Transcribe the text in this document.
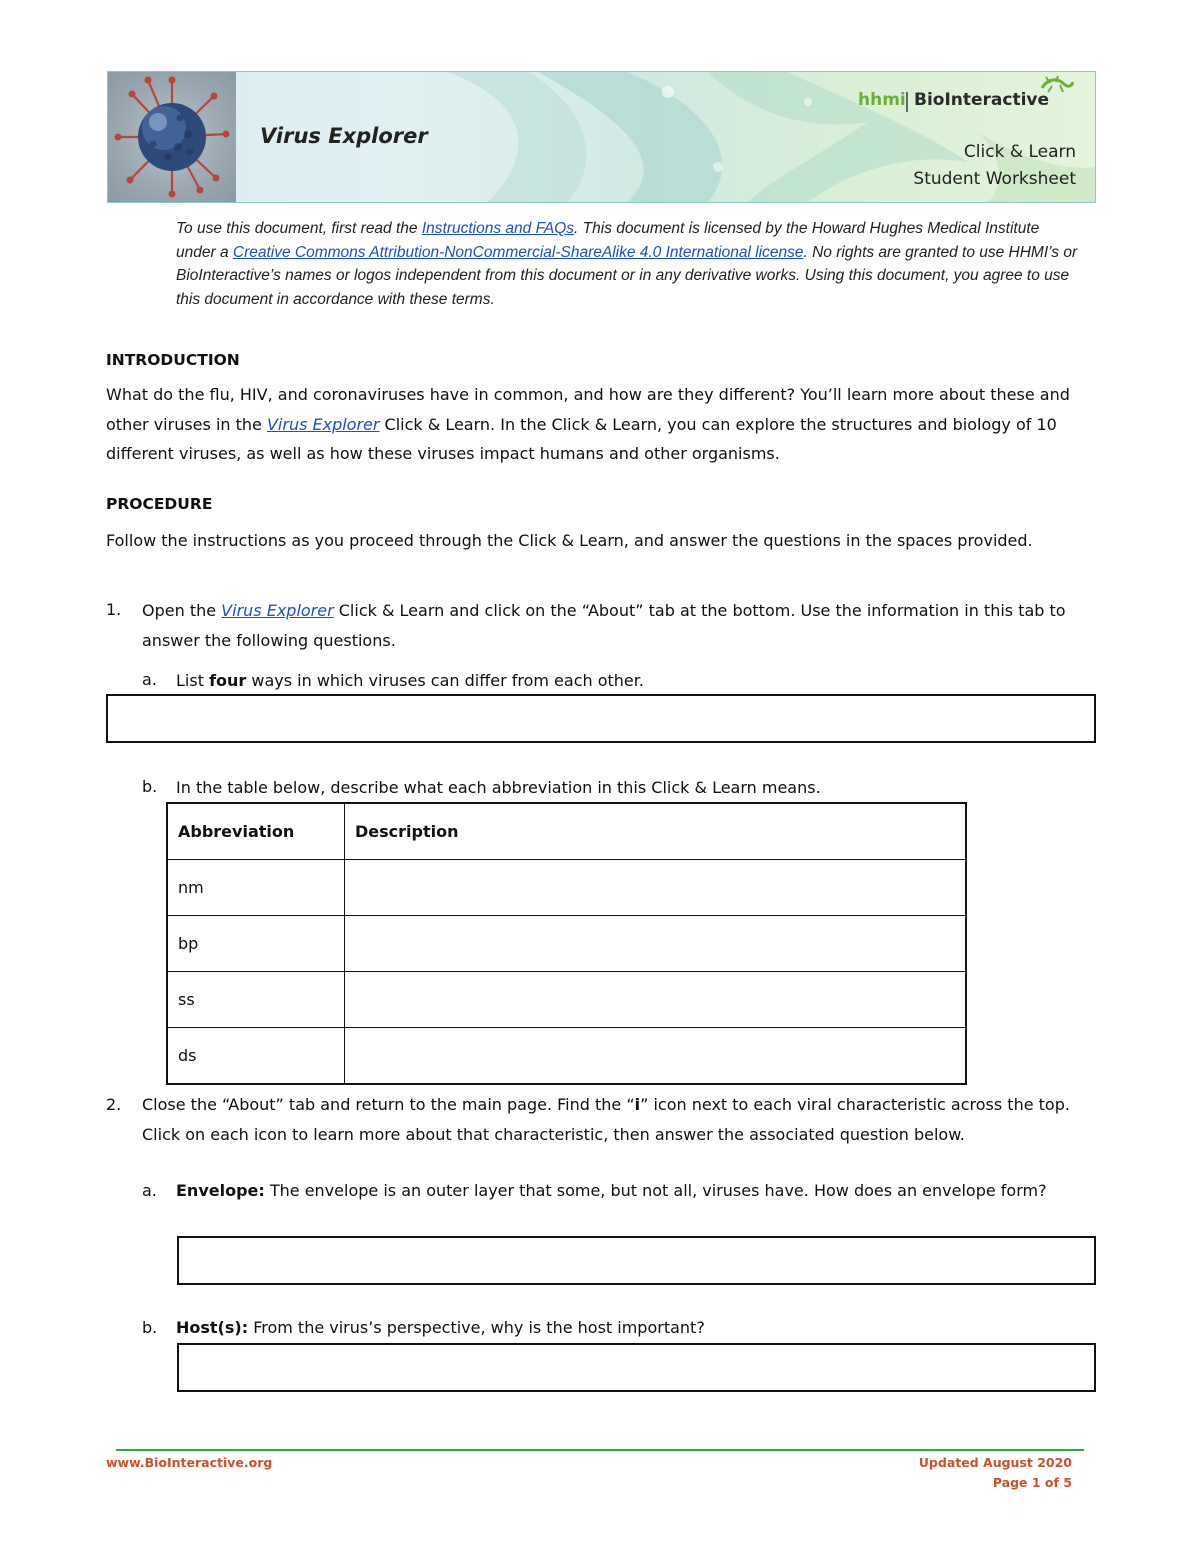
Virus Explorer
hhmi BioInteractive
Click & Learn
Student Worksheet
To use this document, first read the Instructions and FAQs. This document is licensed by the Howard Hughes Medical Institute under a Creative Commons Attribution-NonCommercial-ShareAlike 4.0 International license. No rights are granted to use HHMI’s or BioInteractive’s names or logos independent from this document or in any derivative works. Using this document, you agree to use this document in accordance with these terms.
INTRODUCTION
What do the flu, HIV, and coronaviruses have in common, and how are they different? You’ll learn more about these and other viruses in the Virus Explorer Click & Learn. In the Click & Learn, you can explore the structures and biology of 10 different viruses, as well as how these viruses impact humans and other organisms.
PROCEDURE
Follow the instructions as you proceed through the Click & Learn, and answer the questions in the spaces provided.
1. Open the Virus Explorer Click & Learn and click on the “About” tab at the bottom. Use the information in this tab to answer the following questions.
a. List four ways in which viruses can differ from each other.
b. In the table below, describe what each abbreviation in this Click & Learn means.
Abbreviation	Description
nm	
bp	
ss	
ds	
2. Close the “About” tab and return to the main page. Find the “i” icon next to each viral characteristic across the top. Click on each icon to learn more about that characteristic, then answer the associated question below.
a. Envelope: The envelope is an outer layer that some, but not all, viruses have. How does an envelope form?
b. Host(s): From the virus’s perspective, why is the host important?
www.BioInteractive.org	Updated August 2020
Page 1 of 5
